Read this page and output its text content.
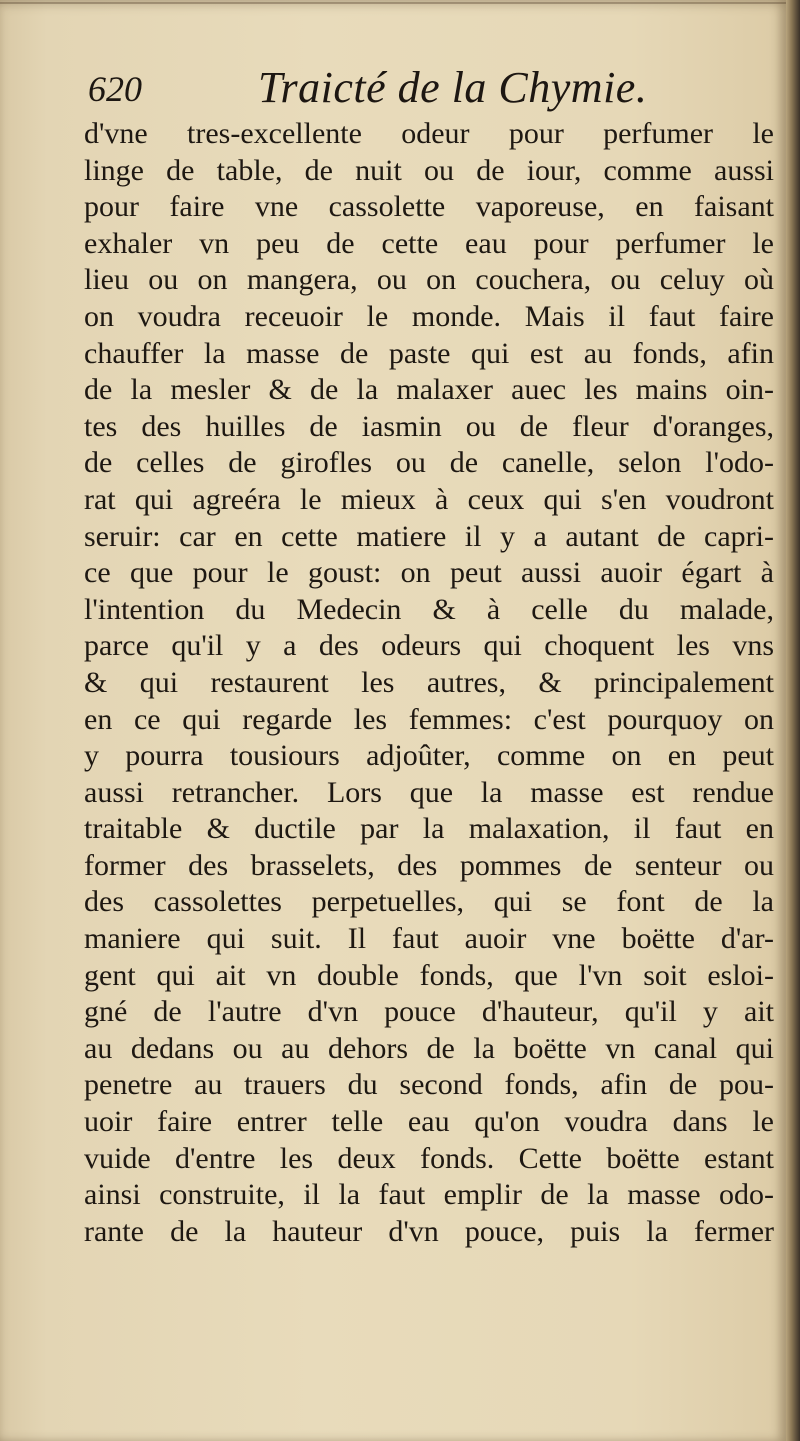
620	Traicté de la Chymie.
d'vne tres-excellente odeur pour perfumer le
linge de table, de nuit ou de iour, comme aussi
pour faire vne cassolette vaporeuse, en faisant
exhaler vn peu de cette eau pour perfumer le
lieu ou on mangera, ou on couchera, ou celuy où
on voudra receuoir le monde. Mais il faut faire
chauffer la masse de paste qui est au fonds, afin
de la mesler & de la malaxer auec les mains oin-
tes des huilles de iasmin ou de fleur d'oranges,
de celles de girofles ou de canelle, selon l'odo-
rat qui agreéra le mieux à ceux qui s'en voudront
seruir: car en cette matiere il y a autant de capri-
ce que pour le goust: on peut aussi auoir égart à
l'intention du Medecin & à celle du malade,
parce qu'il y a des odeurs qui choquent les vns
& qui restaurent les autres, & principalement
en ce qui regarde les femmes: c'est pourquoy on
y pourra tousiours adjoûter, comme on en peut
aussi retrancher. Lors que la masse est rendue
traitable & ductile par la malaxation, il faut en
former des brasselets, des pommes de senteur ou
des cassolettes perpetuelles, qui se font de la
maniere qui suit. Il faut auoir vne boëtte d'ar-
gent qui ait vn double fonds, que l'vn soit esloi-
gné de l'autre d'vn pouce d'hauteur, qu'il y ait
au dedans ou au dehors de la boëtte vn canal qui
penetre au trauers du second fonds, afin de pou-
uoir faire entrer telle eau qu'on voudra dans le
vuide d'entre les deux fonds. Cette boëtte estant
ainsi construite, il la faut emplir de la masse odo-
rante de la hauteur d'vn pouce, puis la fermer
